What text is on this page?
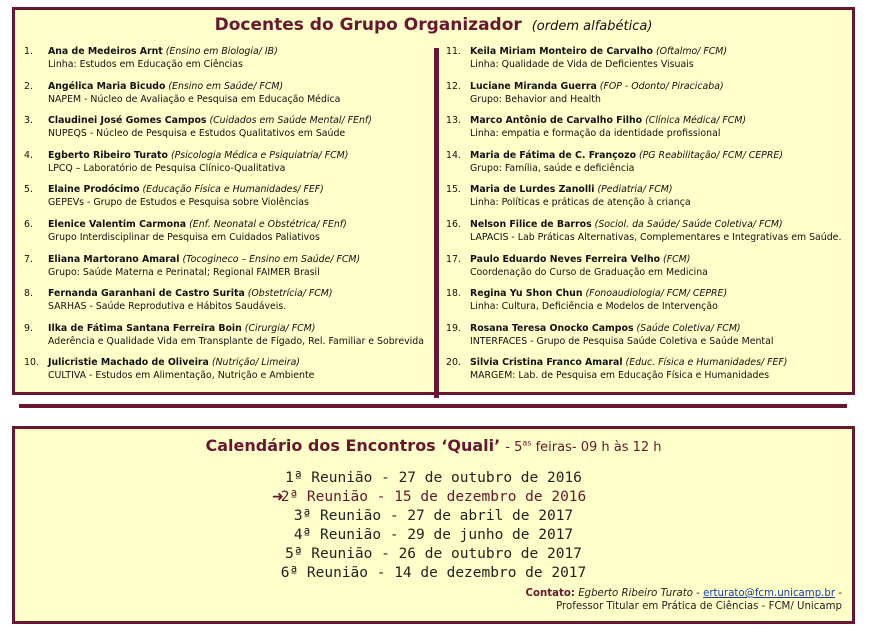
Docentes do Grupo Organizador (ordem alfabética)
1.	Ana de Medeiros Arnt (Ensino em Biologia/ IB)
Linha: Estudos em Educação em Ciências
2.	Angélica Maria Bicudo (Ensino em Saúde/ FCM)
NAPEM - Núcleo de Avaliação e Pesquisa em Educação Médica
3.	Claudinei José Gomes Campos (Cuidados em Saúde Mental/ FEnf)
NUPEQS - Núcleo de Pesquisa e Estudos Qualitativos em Saúde
4.	Egberto Ribeiro Turato (Psicologia Médica e Psiquiatria/ FCM)
LPCQ – Laboratório de Pesquisa Clínico-Qualitativa
5.	Elaine Prodócimo (Educação Física e Humanidades/ FEF)
GEPEVs - Grupo de Estudos e Pesquisa sobre Violências
6.	Elenice Valentim Carmona (Enf. Neonatal e Obstétrica/ FEnf)
Grupo Interdisciplinar de Pesquisa em Cuidados Paliativos
7.	Eliana Martorano Amaral (Tocogineco – Ensino em Saúde/ FCM)
Grupo: Saúde Materna e Perinatal; Regional FAIMER Brasil
8.	Fernanda Garanhani de Castro Surita (Obstetrícia/ FCM)
SARHAS - Saúde Reprodutiva e Hábitos Saudáveis.
9.	Ilka de Fátima Santana Ferreira Boin (Cirurgia/ FCM)
Aderência e Qualidade Vida em Transplante de Fígado, Rel. Familiar e Sobrevida
10. Julicristie Machado de Oliveira (Nutrição/ Limeira)
CULTIVA - Estudos em Alimentação, Nutrição e Ambiente
11. Keila Miriam Monteiro de Carvalho (Oftalmo/ FCM)
Linha: Qualidade de Vida de Deficientes Visuais
12. Luciane Miranda Guerra (FOP - Odonto/ Piracicaba)
Grupo: Behavior and Health
13. Marco Antônio de Carvalho Filho (Clínica Médica/ FCM)
Linha: empatia e formação da identidade profissional
14. Maria de Fátima de C. Françozo (PG Reabilitação/ FCM/ CEPRE)
Grupo: Família, saúde e deficiência
15. Maria de Lurdes Zanolli (Pediatria/ FCM)
Linha: Políticas e práticas de atenção à criança
16. Nelson Filice de Barros (Sociol. da Saúde/ Saúde Coletiva/ FCM)
LAPACIS - Lab Práticas Alternativas, Complementares e Integrativas em Saúde.
17. Paulo Eduardo Neves Ferreira Velho (FCM)
Coordenação do Curso de Graduação em Medicina
18. Regina Yu Shon Chun (Fonoaudiologia/ FCM/ CEPRE)
Linha: Cultura, Deficiência e Modelos de Intervenção
19. Rosana Teresa Onocko Campos (Saúde Coletiva/ FCM)
INTERFACES - Grupo de Pesquisa Saúde Coletiva e Saúde Mental
20. Silvia Cristina Franco Amaral (Educ. Física e Humanidades/ FEF)
MARGEM: Lab. de Pesquisa em Educação Física e Humanidades
Calendário dos Encontros ‘Quali’ - $5^{as}$ feiras- 09 h às 12 h
1ª Reunião - 27 de outubro de 2016
➜
2ª Reunião - 15 de dezembro de 2016
3ª Reunião - 27 de abril de 2017
4ª Reunião - 29 de junho de 2017
5ª Reunião - 26 de outubro de 2017
6ª Reunião - 14 de dezembro de 2017
Contato: Egberto Ribeiro Turato - erturato@fcm.unicamp.br -
Professor Titular em Prática de Ciências - FCM/ Unicamp
